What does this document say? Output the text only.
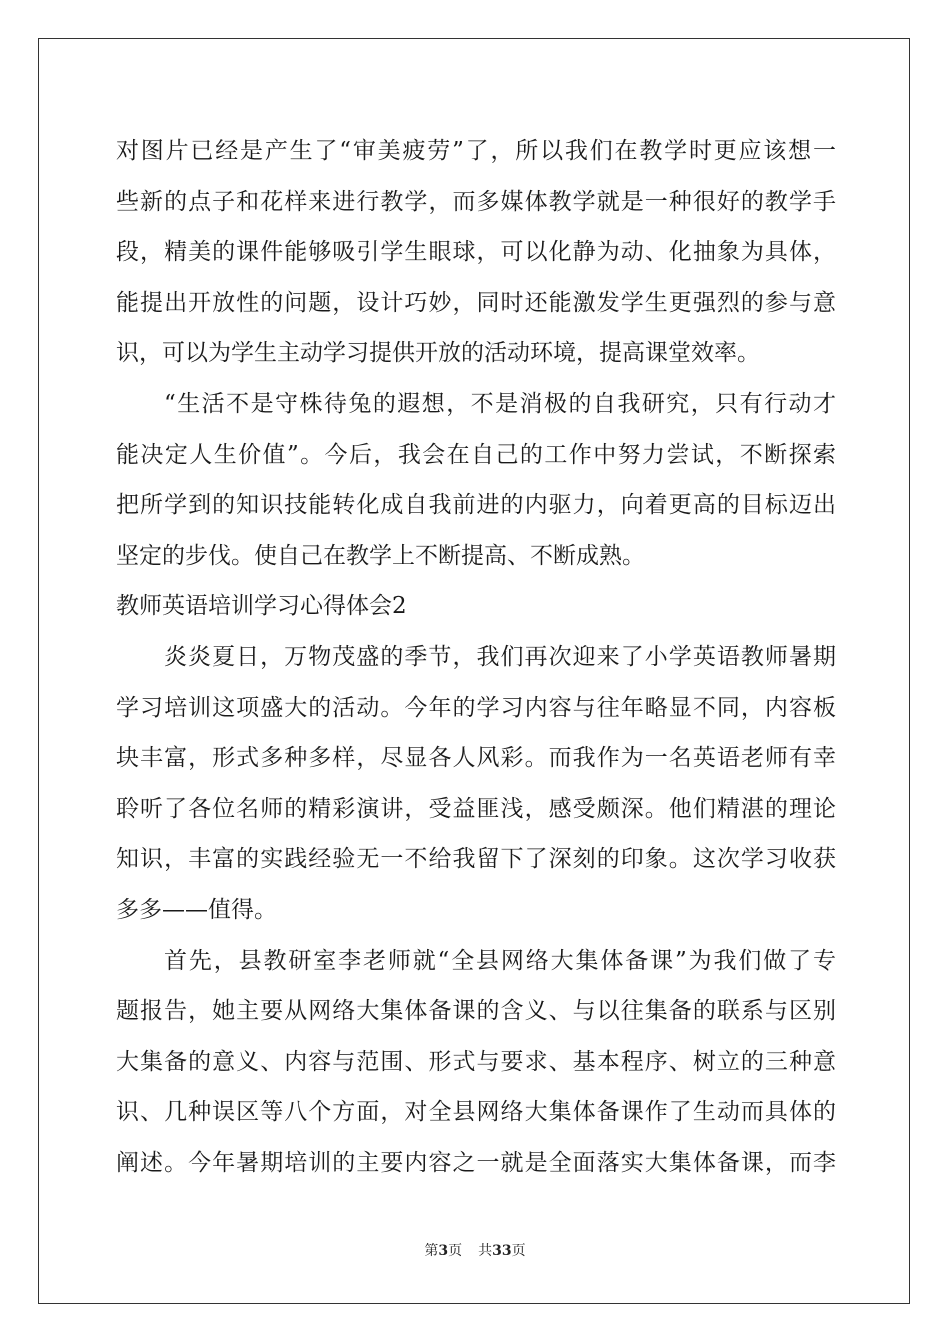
对图片已经是产生了“审美疲劳”了，所以我们在教学时更应该想一
些新的点子和花样来进行教学，而多媒体教学就是一种很好的教学手
段，精美的课件能够吸引学生眼球，可以化静为动、化抽象为具体，
能提出开放性的问题，设计巧妙，同时还能激发学生更强烈的参与意
识，可以为学生主动学习提供开放的活动环境，提高课堂效率。
“生活不是守株待兔的遐想，不是消极的自我研究，只有行动才
能决定人生价值”。今后，我会在自己的工作中努力尝试，不断探索
把所学到的知识技能转化成自我前进的内驱力，向着更高的目标迈出
坚定的步伐。使自己在教学上不断提高、不断成熟。
教师英语培训学习心得体会2
炎炎夏日，万物茂盛的季节，我们再次迎来了小学英语教师暑期
学习培训这项盛大的活动。今年的学习内容与往年略显不同，内容板
块丰富，形式多种多样，尽显各人风彩。而我作为一名英语老师有幸
聆听了各位名师的精彩演讲，受益匪浅，感受颇深。他们精湛的理论
知识，丰富的实践经验无一不给我留下了深刻的印象。这次学习收获
多多——值得。
首先，县教研室李老师就“全县网络大集体备课”为我们做了专
题报告，她主要从网络大集体备课的含义、与以往集备的联系与区别
大集备的意义、内容与范围、形式与要求、基本程序、树立的三种意
识、几种误区等八个方面，对全县网络大集体备课作了生动而具体的
阐述。今年暑期培训的主要内容之一就是全面落实大集体备课，而李
第3页 共33页
